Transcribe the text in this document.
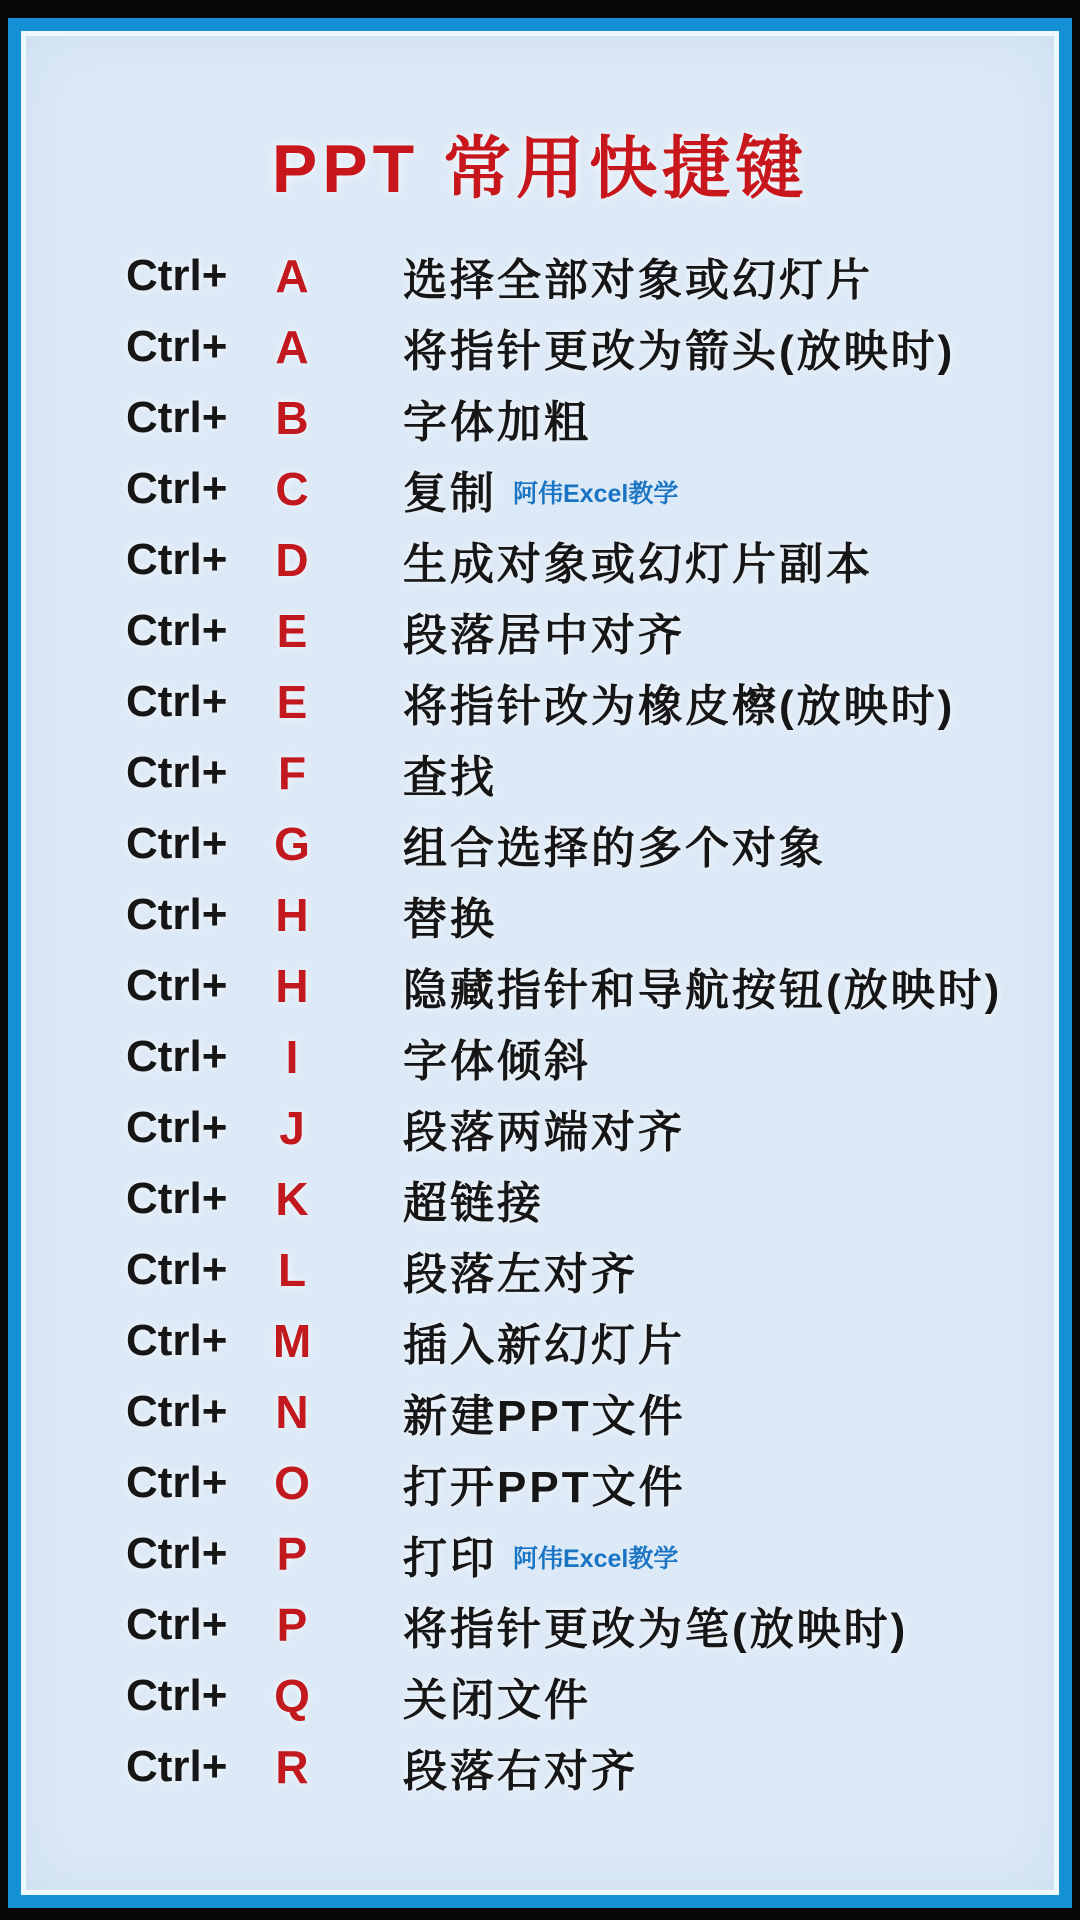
PPT 常用快捷键
Ctrl+	A	选择全部对象或幻灯片
Ctrl+	A	将指针更改为箭头(放映时)
Ctrl+	B	字体加粗
Ctrl+	C	复制 阿伟Excel教学
Ctrl+	D	生成对象或幻灯片副本
Ctrl+	E	段落居中对齐
Ctrl+	E	将指针改为橡皮檫(放映时)
Ctrl+	F	查找
Ctrl+	G	组合选择的多个对象
Ctrl+	H	替换
Ctrl+	H	隐藏指针和导航按钮(放映时)
Ctrl+	I	字体倾斜
Ctrl+	J	段落两端对齐
Ctrl+	K	超链接
Ctrl+	L	段落左对齐
Ctrl+ M	插入新幻灯片
Ctrl+	N	新建PPT文件
Ctrl+	O	打开PPT文件
Ctrl+	P	打印 阿伟Excel教学
Ctrl+	P	将指针更改为笔(放映时)
Ctrl+	Q	关闭文件
Ctrl+	R	段落右对齐
